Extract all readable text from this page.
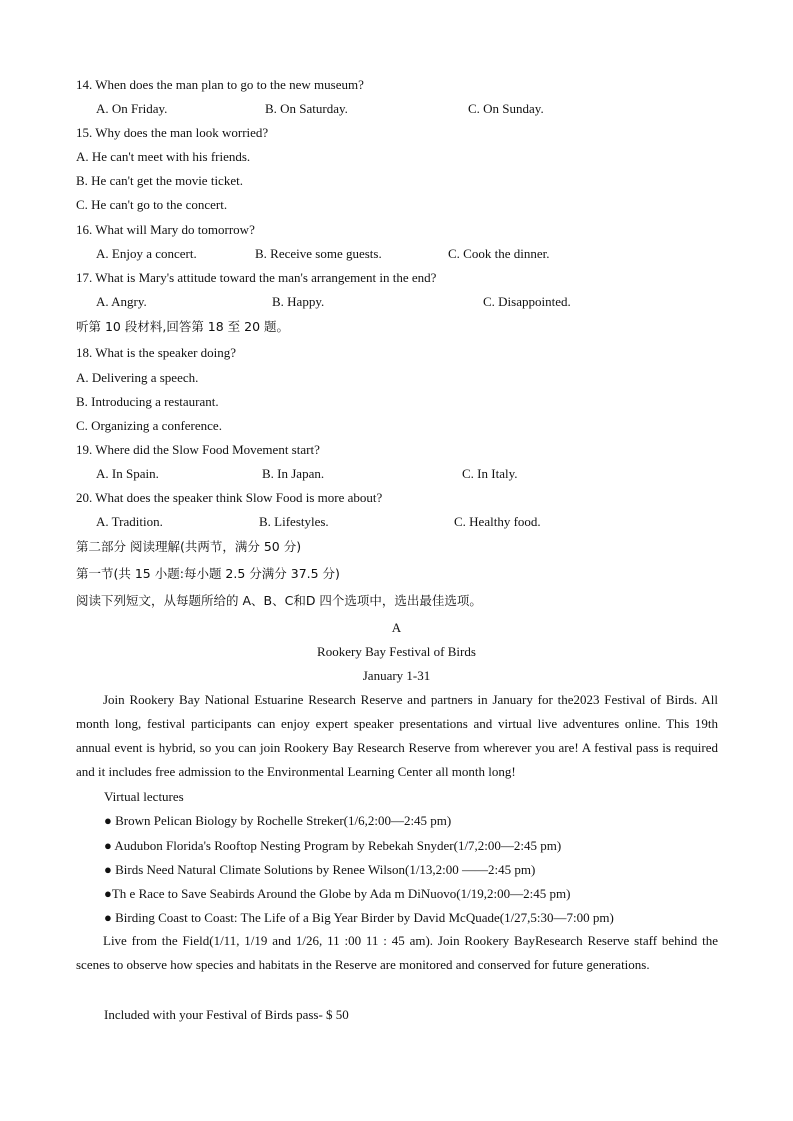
14. When does the man plan to go to the new museum?
A. On Friday.	B. On Saturday.	C. On Sunday.
15. Why does the man look worried?
A. He can't meet with his friends.
B. He can't get the movie ticket.
C. He can't go to the concert.
16. What will Mary do tomorrow?
A. Enjoy a concert.	B. Receive some guests.	C. Cook the dinner.
17. What is Mary's attitude toward the man's arrangement in the end?
A. Angry.	B. Happy.	C. Disappointed.
听第 10 段材料,回答第 18 至 20 题。
18. What is the speaker doing?
A. Delivering a speech.
B. Introducing a restaurant.
C. Organizing a conference.
19. Where did the Slow Food Movement start?
A. In Spain.	B. In Japan.	C. In Italy.
20. What does the speaker think Slow Food is more about?
A. Tradition.	B. Lifestyles.	C. Healthy food.
第二部分 阅读理解(共两节，满分 50 分)
第一节(共 15 小题:每小题 2.5 分满分 37.5 分)
阅读下列短文，从每题所给的 A、B、C和D 四个选项中，选出最佳选项。
A
Rookery Bay Festival of Birds
January 1-31
Join Rookery Bay National Estuarine Research Reserve and partners in January for the2023 Festival of Birds. All month long, festival participants can enjoy expert speaker presentations and virtual live adventures online. This 19th annual event is hybrid, so you can join Rookery Bay Research Reserve from wherever you are! A festival pass is required and it includes free admission to the Environmental Learning Center all month long!
Virtual lectures
● Brown Pelican Biology by Rochelle Streker(1/6,2:00—2:45 pm)
● Audubon Florida's Rooftop Nesting Program by Rebekah Snyder(1/7,2:00—2:45 pm)
● Birds Need Natural Climate Solutions by Renee Wilson(1/13,2:00 ——2:45 pm)
●Th e Race to Save Seabirds Around the Globe by Ada m DiNuovo(1/19,2:00—2:45 pm)
● Birding Coast to Coast: The Life of a Big Year Birder by David McQuade(1/27,5:30—7:00 pm)
Live from the Field(1/11, 1/19 and 1/26, 11 :00 11 : 45 am). Join Rookery BayResearch Reserve staff behind the scenes to observe how species and habitats in the Reserve are monitored and conserved for future generations.
Included with your Festival of Birds pass- $ 50
